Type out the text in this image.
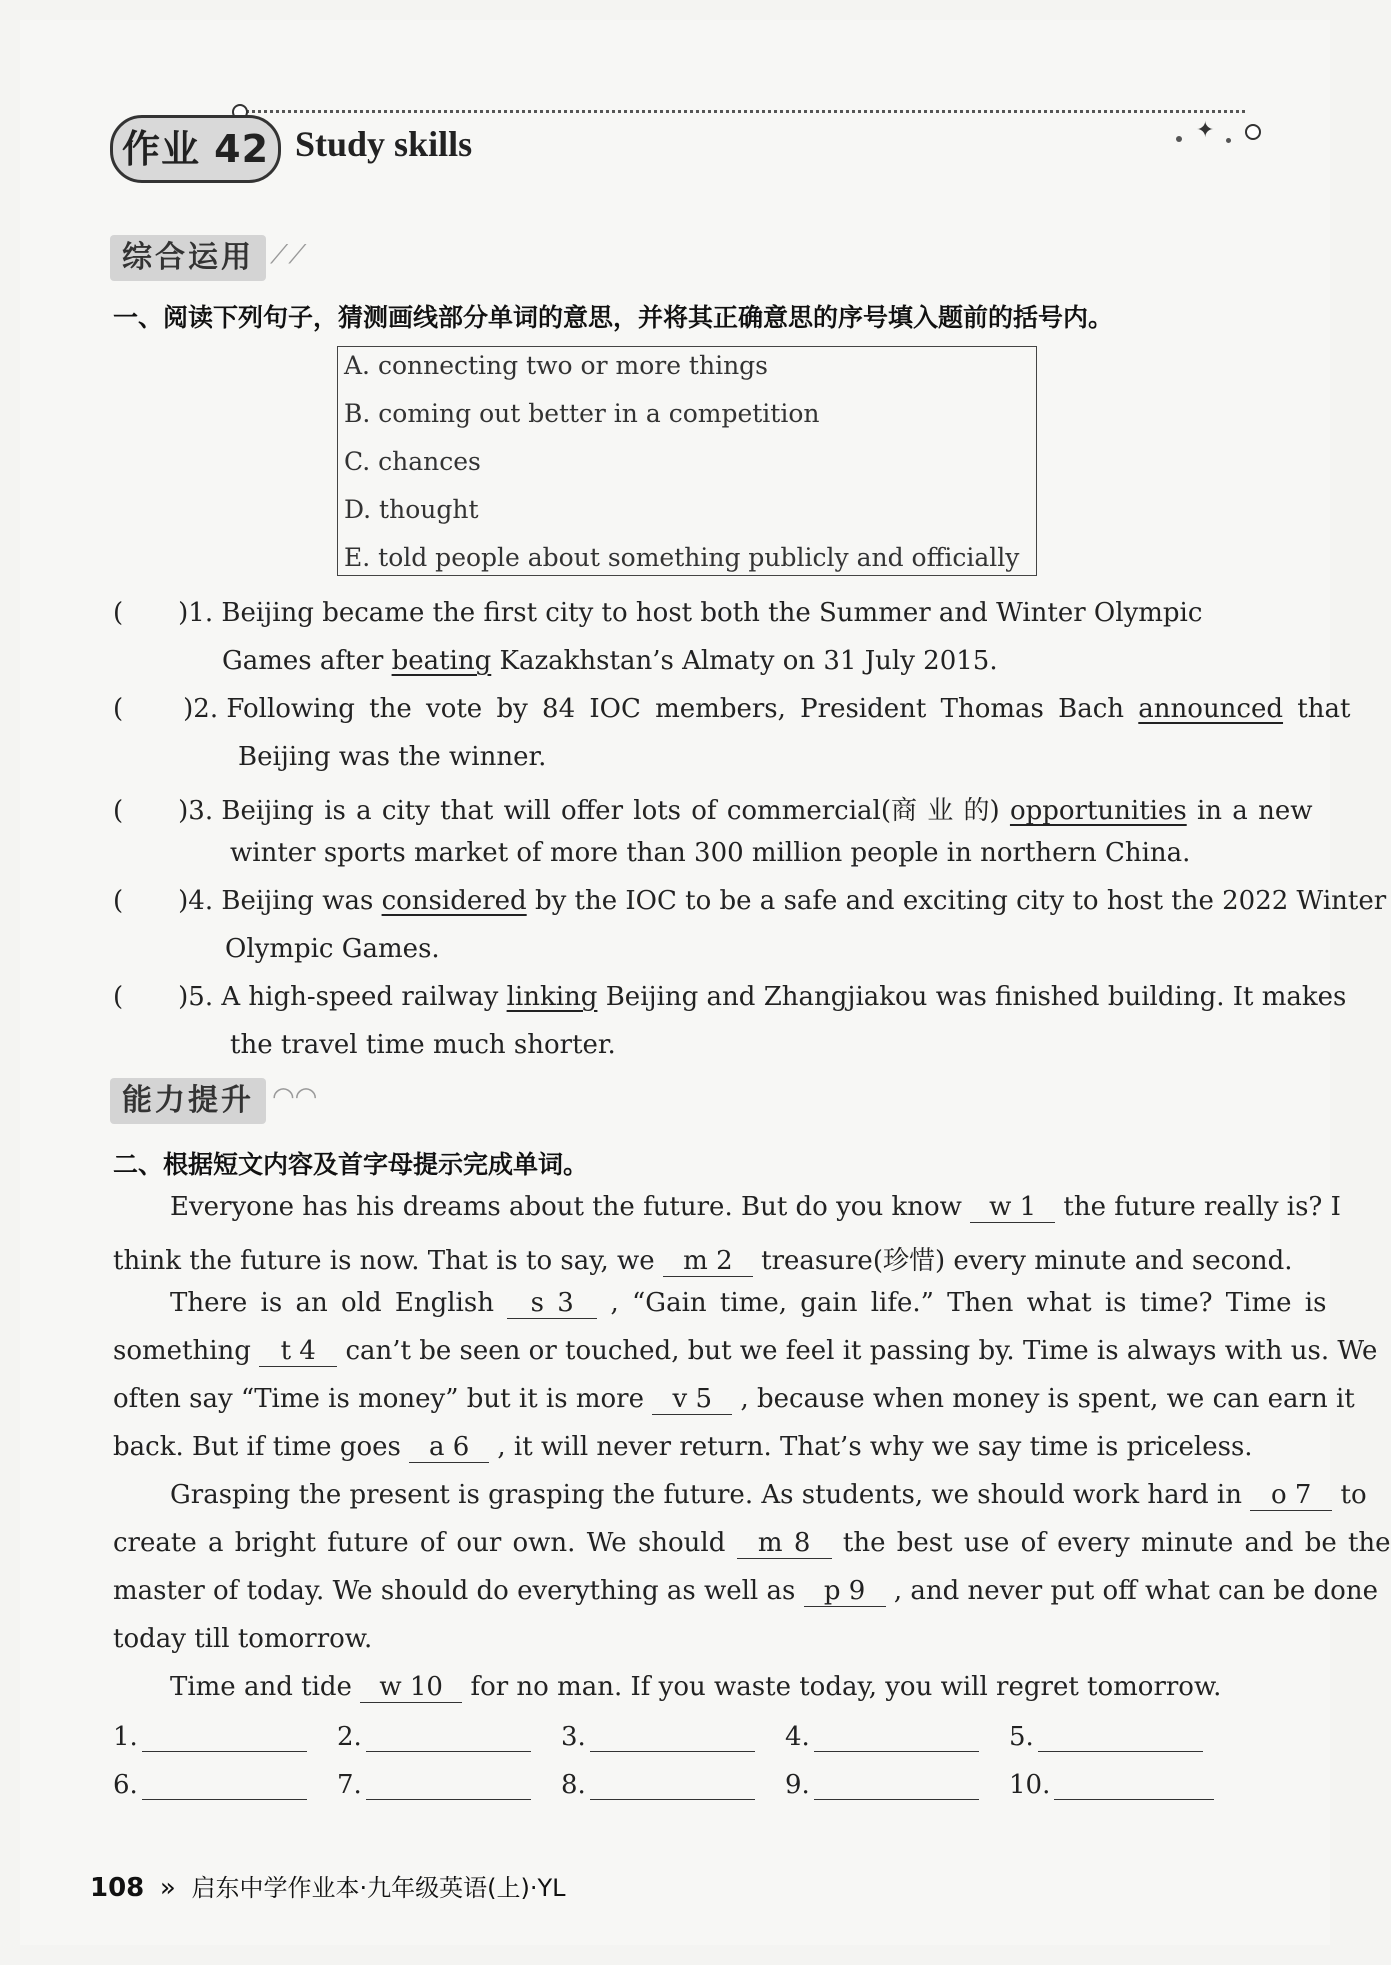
✦
作业 42 Study skills
综合运用 ⟋⟋
一、阅读下列句子，猜测画线部分单词的意思，并将其正确意思的序号填入题前的括号内。
A. connecting two or more things
B. coming out better in a competition
C. chances
D. thought
E. told people about something publicly and officially
( )1. Beijing became the first city to host both the Summer and Winter Olympic
Games after beating Kazakhstan’s Almaty on 31 July 2015.
( )2. Following the vote by 84 IOC members, President Thomas Bach announced that
Beijing was the winner.
( )3. Beijing is a city that will offer lots of commercial(商 业 的) opportunities in a new
winter sports market of more than 300 million people in northern China.
( )4. Beijing was considered by the IOC to be a safe and exciting city to host the 2022 Winter
Olympic Games.
( )5. A high-speed railway linking Beijing and Zhangjiakou was finished building. It makes
the travel time much shorter.
能力提升 ◠◠
二、根据短文内容及首字母提示完成单词。
Everyone has his dreams about the future. But do you know w 1 the future really is? I
think the future is now. That is to say, we m 2 treasure(珍惜) every minute and second.
There is an old English s 3 , “Gain time, gain life.” Then what is time? Time is
something t 4 can’t be seen or touched, but we feel it passing by. Time is always with us. We
often say “Time is money” but it is more v 5 , because when money is spent, we can earn it
back. But if time goes a 6 , it will never return. That’s why we say time is priceless.
Grasping the present is grasping the future. As students, we should work hard in o 7 to
create a bright future of our own. We should m 8 the best use of every minute and be the
master of today. We should do everything as well as p 9 , and never put off what can be done
today till tomorrow.
Time and tide w 10 for no man. If you waste today, you will regret tomorrow.
1.	2.	3.	4.	5.
6.	7.	8.	9.	10.
108 » 启东中学作业本·九年级英语(上)·YL
